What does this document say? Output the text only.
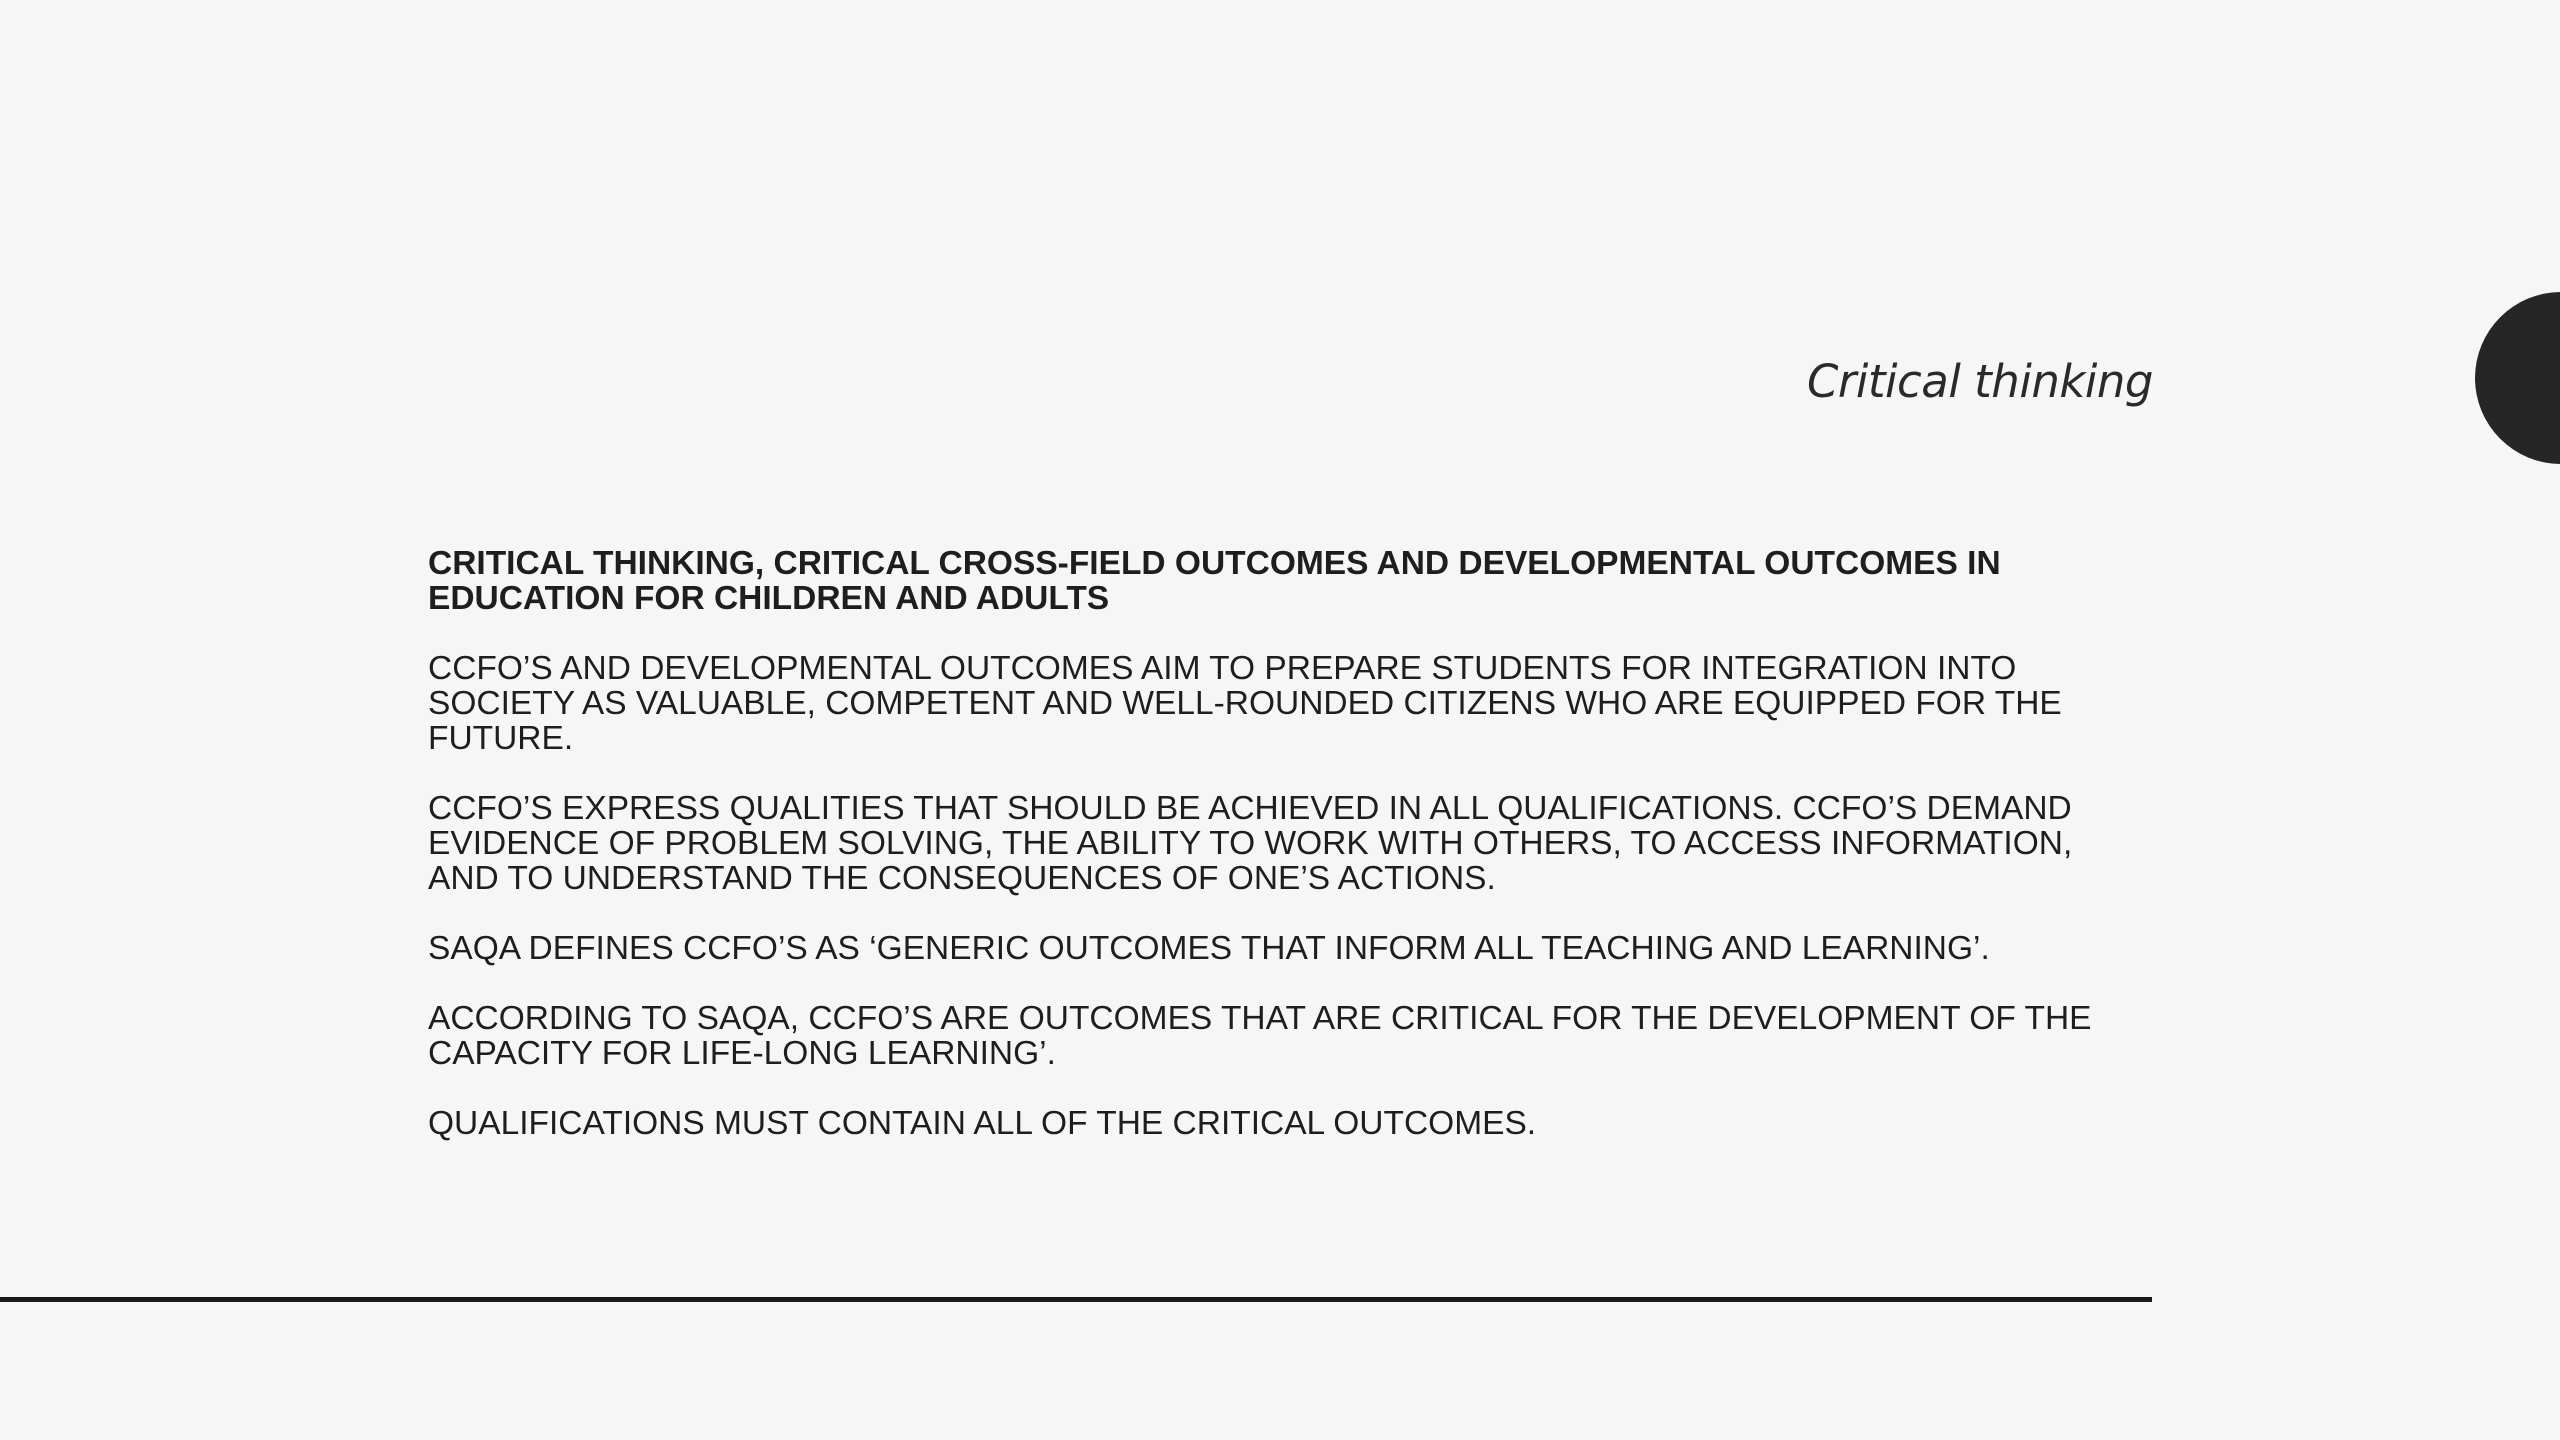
Critical thinking

CRITICAL THINKING, CRITICAL CROSS-FIELD OUTCOMES AND DEVELOPMENTAL OUTCOMES IN EDUCATION FOR CHILDREN AND ADULTS

CCFO’S AND DEVELOPMENTAL OUTCOMES AIM TO PREPARE STUDENTS FOR INTEGRATION INTO SOCIETY AS VALUABLE, COMPETENT AND WELL-ROUNDED CITIZENS WHO ARE EQUIPPED FOR THE FUTURE.

CCFO’S EXPRESS QUALITIES THAT SHOULD BE ACHIEVED IN ALL QUALIFICATIONS. CCFO’S DEMAND EVIDENCE OF PROBLEM SOLVING, THE ABILITY TO WORK WITH OTHERS, TO ACCESS INFORMATION, AND TO UNDERSTAND THE CONSEQUENCES OF ONE’S ACTIONS.

SAQA DEFINES CCFO’S AS ‘GENERIC OUTCOMES THAT INFORM ALL TEACHING AND LEARNING’.

ACCORDING TO SAQA, CCFO’S ARE OUTCOMES THAT ARE CRITICAL FOR THE DEVELOPMENT OF THE CAPACITY FOR LIFE-LONG LEARNING’.

QUALIFICATIONS MUST CONTAIN ALL OF THE CRITICAL OUTCOMES.
